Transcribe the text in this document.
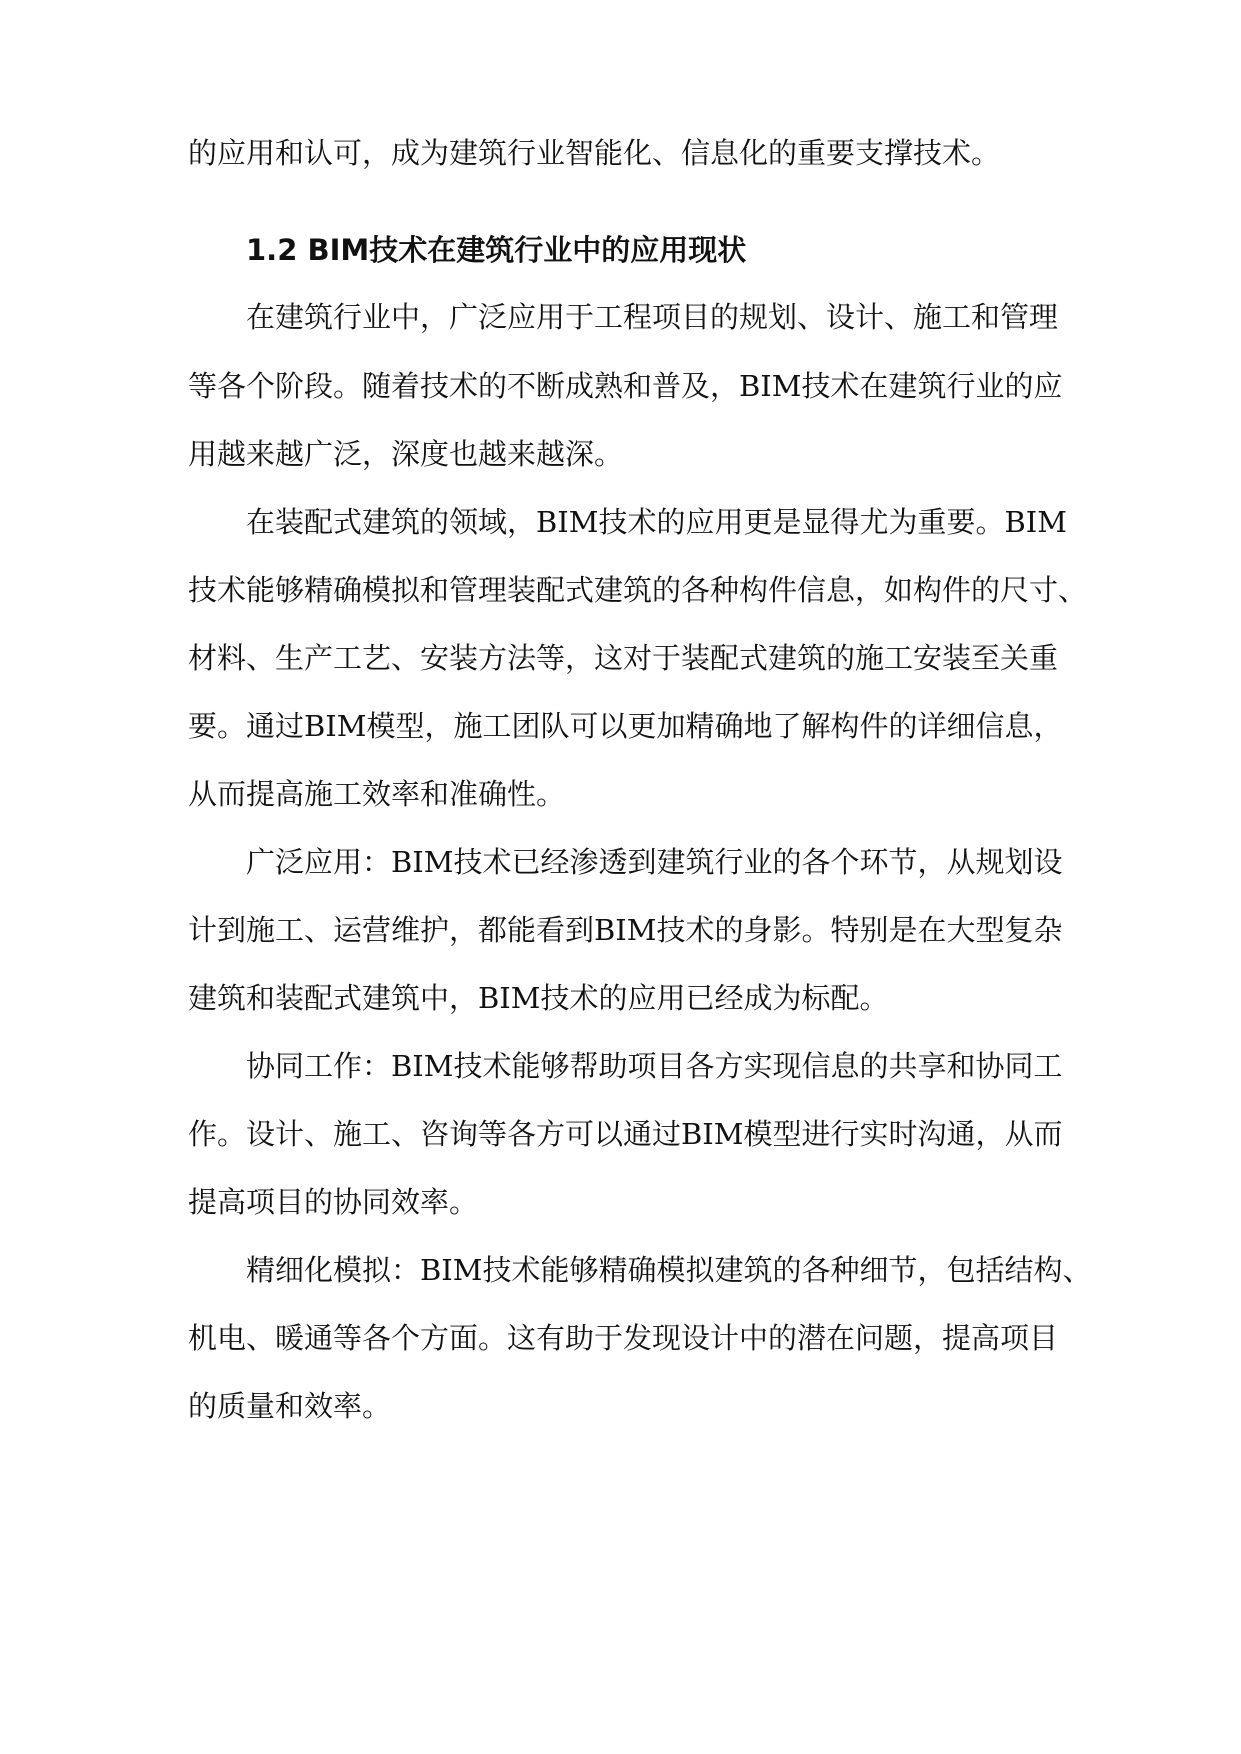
的应用和认可，成为建筑行业智能化、信息化的重要支撑技术。
1.2 BIM技术在建筑行业中的应用现状
在建筑行业中，广泛应用于工程项目的规划、设计、施工和管理
等各个阶段。随着技术的不断成熟和普及，BIM技术在建筑行业的应
用越来越广泛，深度也越来越深。
在装配式建筑的领域，BIM技术的应用更是显得尤为重要。BIM
技术能够精确模拟和管理装配式建筑的各种构件信息，如构件的尺寸、
材料、生产工艺、安装方法等，这对于装配式建筑的施工安装至关重
要。通过BIM模型，施工团队可以更加精确地了解构件的详细信息，
从而提高施工效率和准确性。
广泛应用：BIM技术已经渗透到建筑行业的各个环节，从规划设
计到施工、运营维护，都能看到BIM技术的身影。特别是在大型复杂
建筑和装配式建筑中，BIM技术的应用已经成为标配。
协同工作：BIM技术能够帮助项目各方实现信息的共享和协同工
作。设计、施工、咨询等各方可以通过BIM模型进行实时沟通，从而
提高项目的协同效率。
精细化模拟：BIM技术能够精确模拟建筑的各种细节，包括结构、
机电、暖通等各个方面。这有助于发现设计中的潜在问题，提高项目
的质量和效率。
